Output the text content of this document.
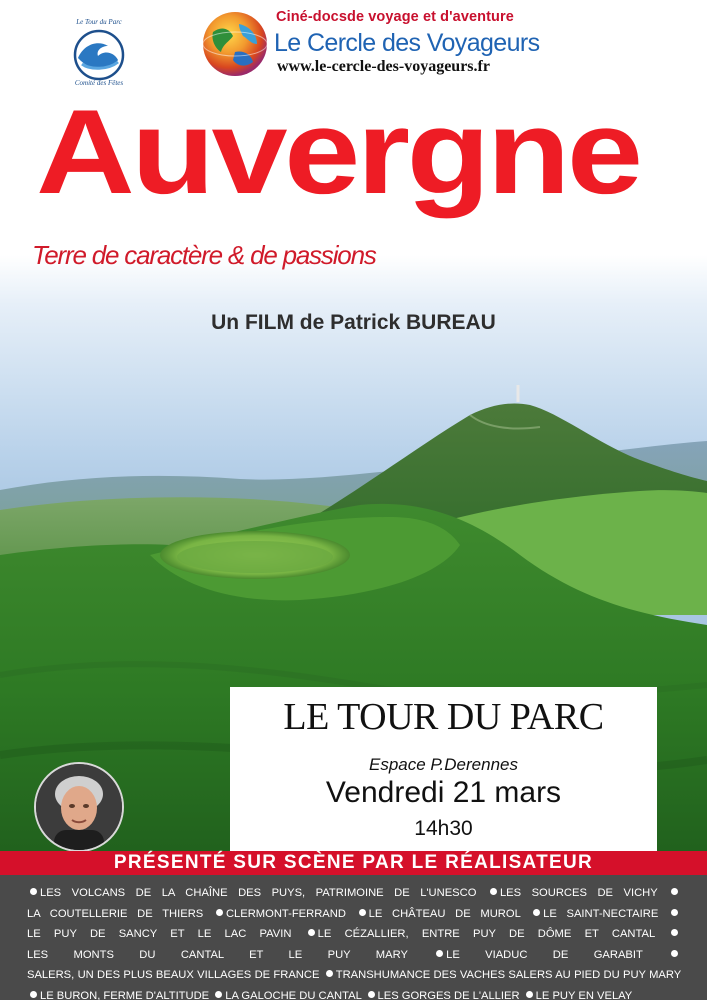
Le Tour du Parc
Comité des Fêtes
Ciné-docsde voyage et d'aventure
Le Cercle des Voyageurs
www.le-cercle-des-voyageurs.fr
Auvergne
Terre de caractère & de passions
Un FILM de Patrick BUREAU
LE TOUR DU PARC
Espace P.Derennes
Vendredi 21 mars
14h30
PRÉSENTÉ SUR SCÈNE PAR LE RÉALISATEUR
LES VOLCANS DE LA CHAÎNE DES PUYS, PATRIMOINE DE L'UNESCO LES SOURCES DE VICHY LA COUTELLERIE DE THIERS CLERMONT-FERRAND LE CHÂTEAU DE MUROL LE SAINT-NECTAIRE LE PUY DE SANCY ET LE LAC PAVIN LE CÉZALLIER, ENTRE PUY DE DÔME ET CANTAL LES MONTS DU CANTAL ET LE PUY MARY	LE VIADUC DE GARABIT SALERS, UN DES PLUS BEAUX VILLAGES DE FRANCE TRANSHUMANCE DES VACHES SALERS AU PIED DU PUY MARY LE BURON, FERME D'ALTITUDE LA GALOCHE DU CANTAL LES GORGES DE L'ALLIER LE PUY EN VELAY
